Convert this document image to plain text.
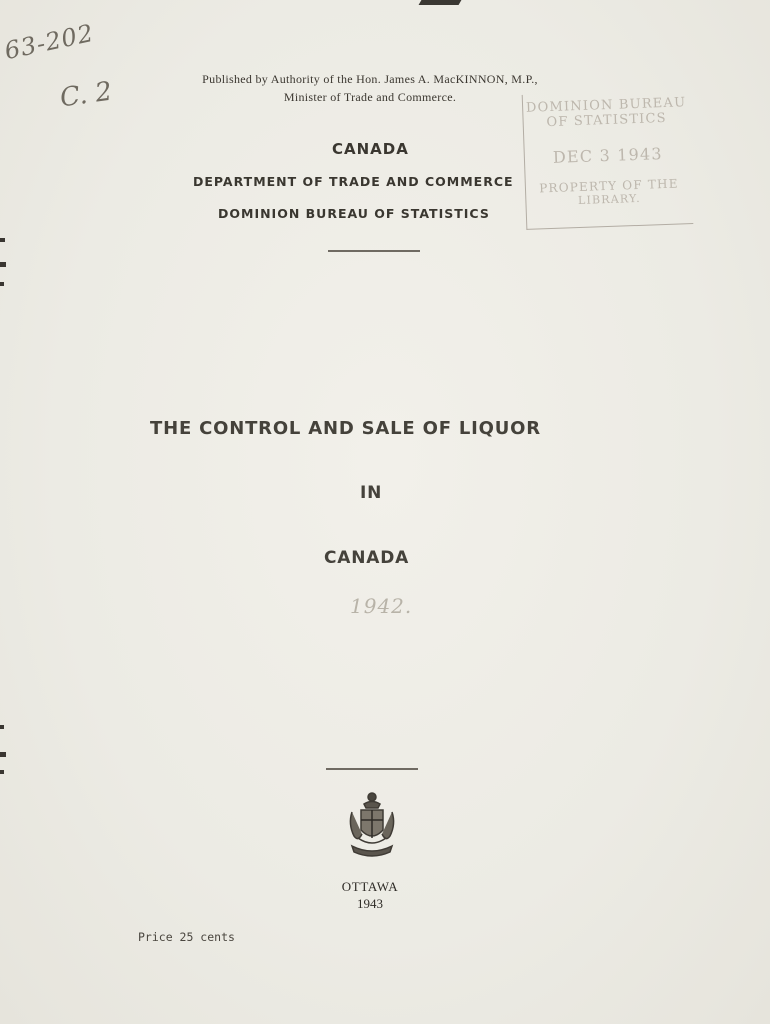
63-202
C. 2	Published by Authority of the Hon. James A. MacKINNON, M.P.,
Minister of Trade and Commerce.
CANADA
DEPARTMENT OF TRADE AND COMMERCE
DOMINION BUREAU OF STATISTICS
DOMINION BUREAU
OF STATISTICS
DEC 3 1943
PROPERTY OF THE
LIBRARY.
THE CONTROL AND SALE OF LIQUOR
IN
CANADA
1942.
OTTAWA
1943
Price 25 cents
